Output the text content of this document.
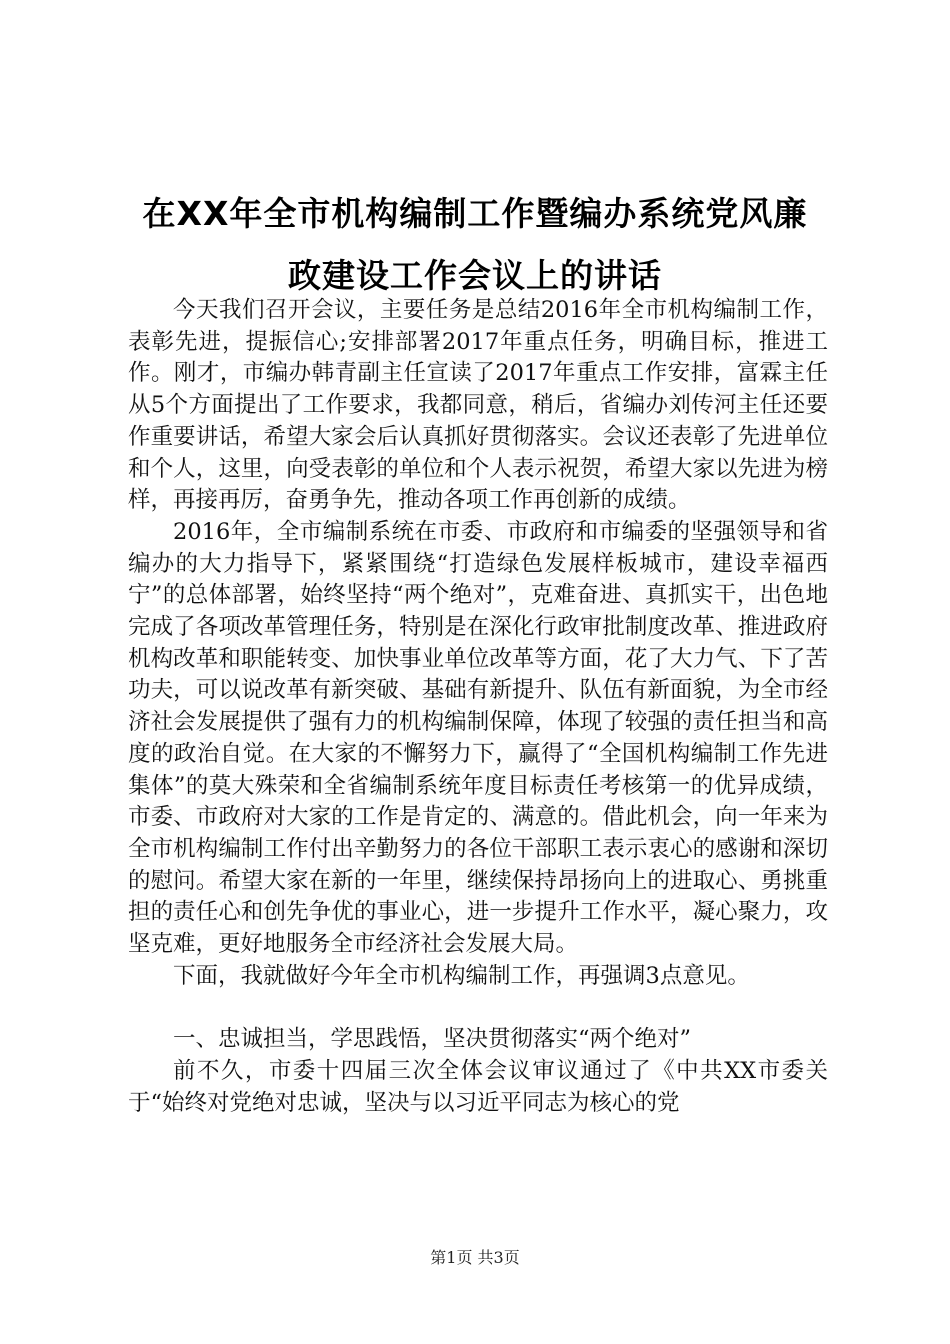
在XX年全市机构编制工作暨编办系统党风廉
政建设工作会议上的讲话

今天我们召开会议，主要任务是总结2016年全市机构编制工作，表彰先进，提振信心;安排部署2017年重点任务，明确目标，推进工作。刚才，市编办韩青副主任宣读了2017年重点工作安排，富霖主任从5个方面提出了工作要求，我都同意，稍后，省编办刘传河主任还要作重要讲话，希望大家会后认真抓好贯彻落实。会议还表彰了先进单位和个人，这里，向受表彰的单位和个人表示祝贺，希望大家以先进为榜样，再接再厉，奋勇争先，推动各项工作再创新的成绩。

2016年，全市编制系统在市委、市政府和市编委的坚强领导和省编办的大力指导下，紧紧围绕“打造绿色发展样板城市，建设幸福西宁”的总体部署，始终坚持“两个绝对”，克难奋进、真抓实干，出色地完成了各项改革管理任务，特别是在深化行政审批制度改革、推进政府机构改革和职能转变、加快事业单位改革等方面，花了大力气、下了苦功夫，可以说改革有新突破、基础有新提升、队伍有新面貌，为全市经济社会发展提供了强有力的机构编制保障，体现了较强的责任担当和高度的政治自觉。在大家的不懈努力下，赢得了“全国机构编制工作先进集体”的莫大殊荣和全省编制系统年度目标责任考核第一的优异成绩，市委、市政府对大家的工作是肯定的、满意的。借此机会，向一年来为全市机构编制工作付出辛勤努力的各位干部职工表示衷心的感谢和深切的慰问。希望大家在新的一年里，继续保持昂扬向上的进取心、勇挑重担的责任心和创先争优的事业心，进一步提升工作水平，凝心聚力，攻坚克难，更好地服务全市经济社会发展大局。

下面，我就做好今年全市机构编制工作，再强调3点意见。

一、忠诚担当，学思践悟，坚决贯彻落实“两个绝对”

前不久，市委十四届三次全体会议审议通过了《中共XX市委关于“始终对党绝对忠诚，坚决与以习近平同志为核心的党

第1页 共3页
